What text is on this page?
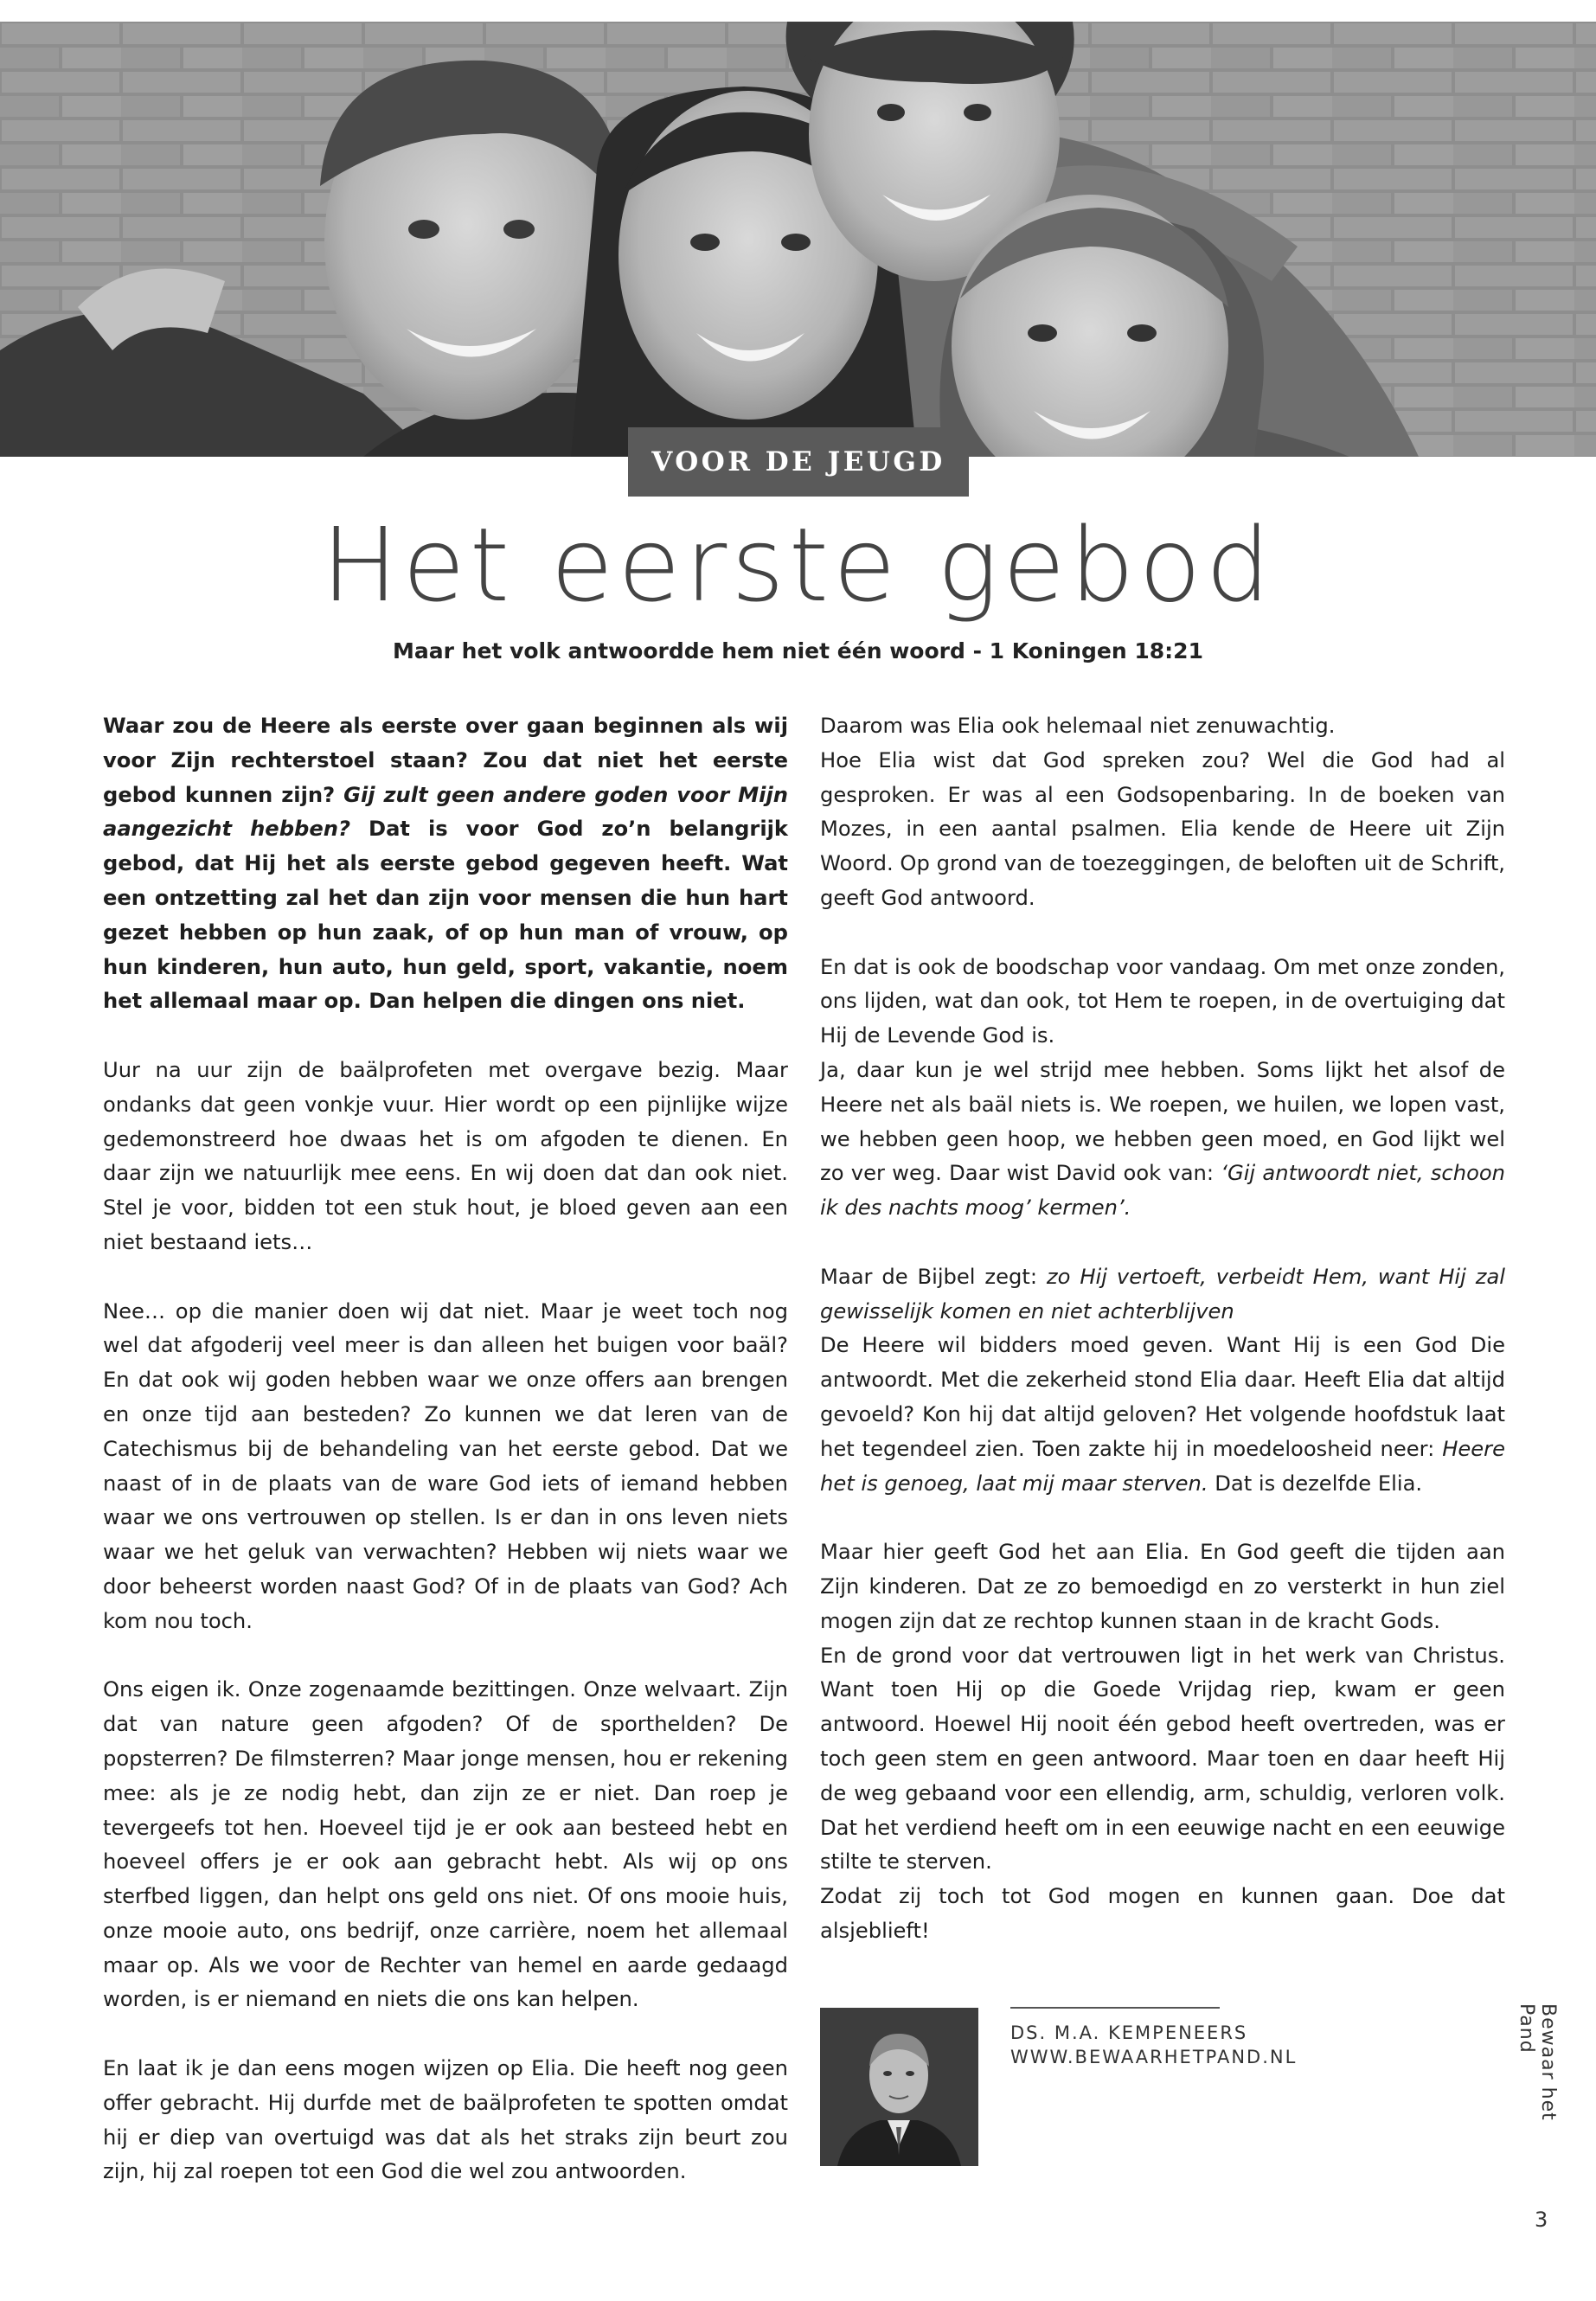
VOOR DE JEUGD
Het eerste gebod
Maar het volk antwoordde hem niet één woord - 1 Koningen 18:21

Waar zou de Heere als eerste over gaan beginnen als wij voor Zijn rechterstoel staan? Zou dat niet het eerste gebod kunnen zijn? Gij zult geen andere goden voor Mijn aangezicht hebben? Dat is voor God zo’n belangrijk gebod, dat Hij het als eerste gebod gegeven heeft. Wat een ontzetting zal het dan zijn voor mensen die hun hart gezet hebben op hun zaak, of op hun man of vrouw, op hun kinderen, hun auto, hun geld, sport, vakantie, noem het allemaal maar op. Dan helpen die dingen ons niet.

Uur na uur zijn de baälprofeten met overgave bezig. Maar ondanks dat geen vonkje vuur. Hier wordt op een pijnlijke wijze gedemonstreerd hoe dwaas het is om afgoden te dienen. En daar zijn we natuurlijk mee eens. En wij doen dat dan ook niet. Stel je voor, bidden tot een stuk hout, je bloed geven aan een niet bestaand iets…

Nee… op die manier doen wij dat niet. Maar je weet toch nog wel dat afgoderij veel meer is dan alleen het buigen voor baäl? En dat ook wij goden hebben waar we onze offers aan brengen en onze tijd aan besteden? Zo kunnen we dat leren van de Catechismus bij de behandeling van het eerste gebod. Dat we naast of in de plaats van de ware God iets of iemand hebben waar we ons vertrouwen op stellen. Is er dan in ons leven niets waar we het geluk van verwachten? Hebben wij niets waar we door beheerst worden naast God? Of in de plaats van God? Ach kom nou toch.

Ons eigen ik. Onze zogenaamde bezittingen. Onze welvaart. Zijn dat van nature geen afgoden? Of de sporthelden? De popsterren? De filmsterren? Maar jonge mensen, hou er rekening mee: als je ze nodig hebt, dan zijn ze er niet. Dan roep je tevergeefs tot hen. Hoeveel tijd je er ook aan besteed hebt en hoeveel offers je er ook aan gebracht hebt. Als wij op ons sterfbed liggen, dan helpt ons geld ons niet. Of ons mooie huis, onze mooie auto, ons bedrijf, onze carrière, noem het allemaal maar op. Als we voor de Rechter van hemel en aarde gedaagd worden, is er niemand en niets die ons kan helpen.

En laat ik je dan eens mogen wijzen op Elia. Die heeft nog geen offer gebracht. Hij durfde met de baälprofeten te spotten omdat hij er diep van overtuigd was dat als het straks zijn beurt zou zijn, hij zal roepen tot een God die wel zou antwoorden.

Daarom was Elia ook helemaal niet zenuwachtig.

Hoe Elia wist dat God spreken zou? Wel die God had al gesproken. Er was al een Godsopenbaring. In de boeken van Mozes, in een aantal psalmen. Elia kende de Heere uit Zijn Woord. Op grond van de toezeggingen, de beloften uit de Schrift, geeft God antwoord.

En dat is ook de boodschap voor vandaag. Om met onze zonden, ons lijden, wat dan ook, tot Hem te roepen, in de overtuiging dat Hij de Levende God is.

Ja, daar kun je wel strijd mee hebben. Soms lijkt het alsof de Heere net als baäl niets is. We roepen, we huilen, we lopen vast, we hebben geen hoop, we hebben geen moed, en God lijkt wel zo ver weg. Daar wist David ook van: ‘Gij antwoordt niet, schoon ik des nachts moog’ kermen’.

Maar de Bijbel zegt: zo Hij vertoeft, verbeidt Hem, want Hij zal gewisselijk komen en niet achterblijven

De Heere wil bidders moed geven. Want Hij is een God Die antwoordt. Met die zekerheid stond Elia daar. Heeft Elia dat altijd gevoeld? Kon hij dat altijd geloven? Het volgende hoofdstuk laat het tegendeel zien. Toen zakte hij in moedeloosheid neer: Heere het is genoeg, laat mij maar sterven. Dat is dezelfde Elia.

Maar hier geeft God het aan Elia. En God geeft die tijden aan Zijn kinderen. Dat ze zo bemoedigd en zo versterkt in hun ziel mogen zijn dat ze rechtop kunnen staan in de kracht Gods.

En de grond voor dat vertrouwen ligt in het werk van Christus. Want toen Hij op die Goede Vrijdag riep, kwam er geen antwoord. Hoewel Hij nooit één gebod heeft overtreden, was er toch geen stem en geen antwoord. Maar toen en daar heeft Hij de weg gebaand voor een ellendig, arm, schuldig, verloren volk. Dat het verdiend heeft om in een eeuwige nacht en een eeuwige stilte te sterven.

Zodat zij toch tot God mogen en kunnen gaan. Doe dat alsjeblieft!

DS. M.A. KEMPENEERS
WWW.BEWAARHETPAND.NL	Bewaar het Pand
3
